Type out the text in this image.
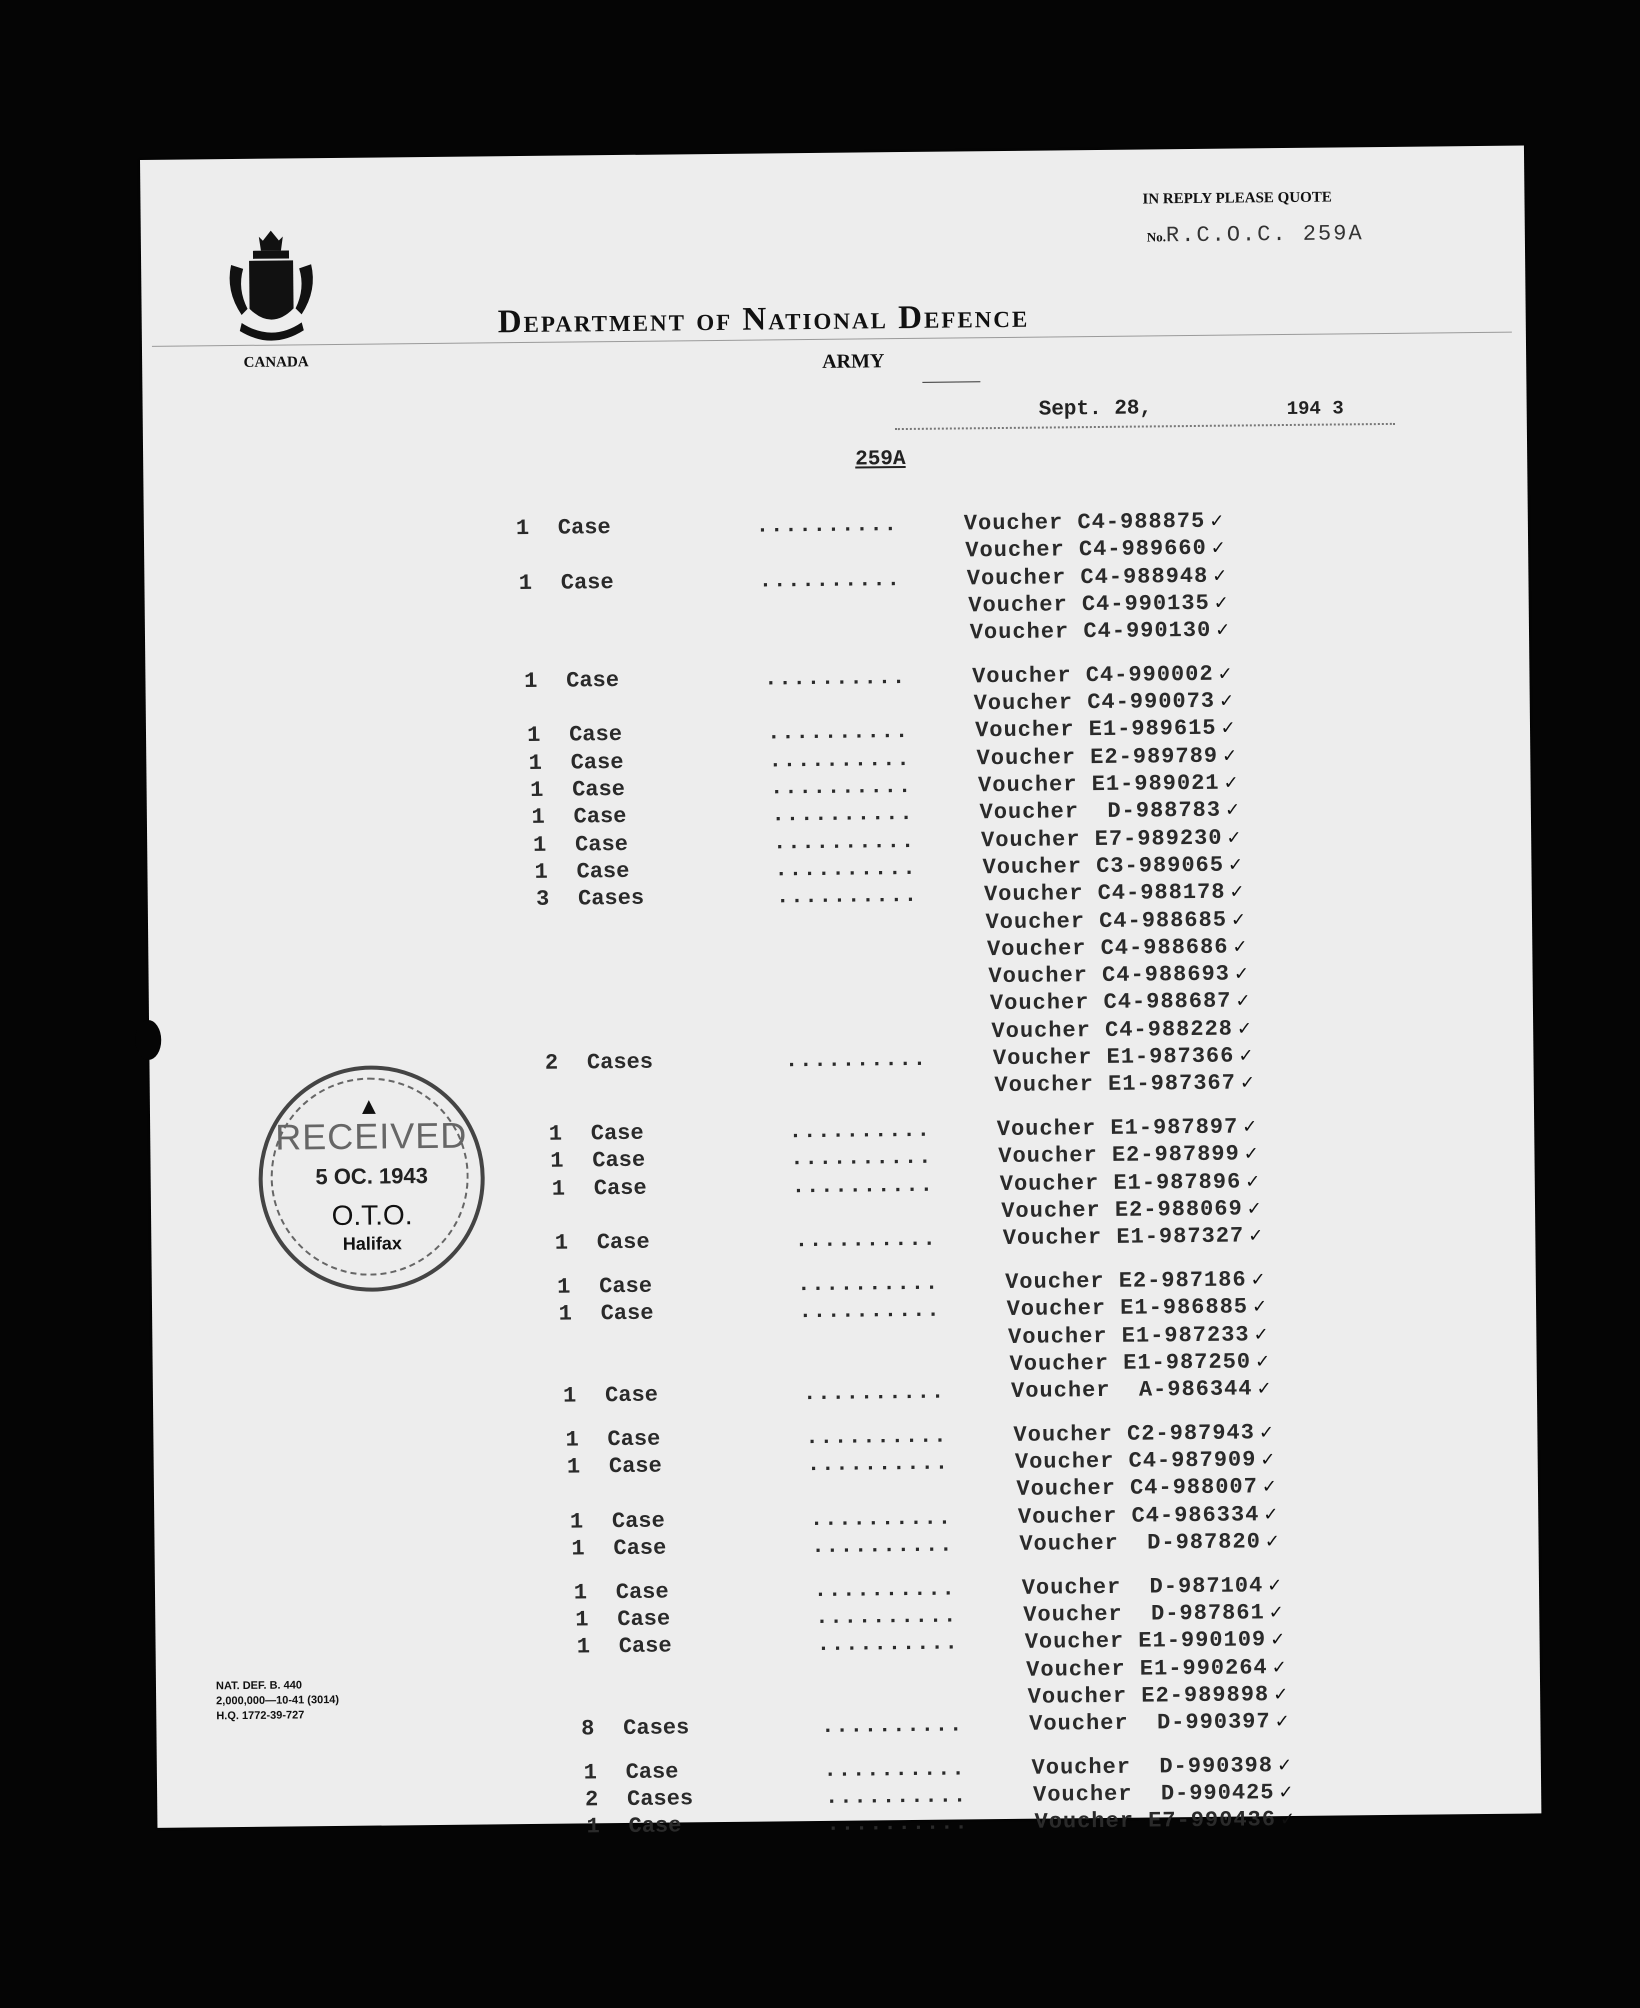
CANADA
IN REPLY PLEASE QUOTE
No.R.C.O.C. 259A
Department of National Defence
ARMY
Sept. 28,	194 3
259A
1	Case	..........	Voucher C4-988875 ✓
Voucher C4-989660 ✓
1	Case	..........	Voucher C4-988948 ✓
Voucher C4-990135 ✓
Voucher C4-990130 ✓
1	Case	..........	Voucher C4-990002 ✓
Voucher C4-990073 ✓
1	Case	..........	Voucher E1-989615 ✓
1	Case	..........	Voucher E2-989789 ✓
1	Case	..........	Voucher E1-989021 ✓
1	Case	..........	Voucher  D-988783 ✓
1	Case	..........	Voucher E7-989230 ✓
1	Case	..........	Voucher C3-989065 ✓
3	Cases	..........	Voucher C4-988178 ✓
Voucher C4-988685 ✓
Voucher C4-988686 ✓
Voucher C4-988693 ✓
Voucher C4-988687 ✓
Voucher C4-988228 ✓
2	Cases	..........	Voucher E1-987366 ✓
Voucher E1-987367 ✓
1	Case	..........	Voucher E1-987897 ✓
1	Case	..........	Voucher E2-987899 ✓
1	Case	..........	Voucher E1-987896 ✓
Voucher E2-988069 ✓
1	Case	..........	Voucher E1-987327 ✓
1	Case	..........	Voucher E2-987186 ✓
1	Case	..........	Voucher E1-986885 ✓
Voucher E1-987233 ✓
Voucher E1-987250 ✓
1	Case	..........	Voucher  A-986344 ✓
1	Case	..........	Voucher C2-987943 ✓
1	Case	..........	Voucher C4-987909 ✓
Voucher C4-988007 ✓
1	Case	..........	Voucher C4-986334 ✓
1	Case	..........	Voucher  D-987820 ✓
1	Case	..........	Voucher  D-987104 ✓
1	Case	..........	Voucher  D-987861 ✓
1	Case	..........	Voucher E1-990109 ✓
Voucher E1-990264 ✓
Voucher E2-989898 ✓
8	Cases	..........	Voucher  D-990397 ✓
1	Case	..........	Voucher  D-990398 ✓
2	Cases	..........	Voucher  D-990425 ✓
1	Case	..........	Voucher E7-990436 ✓
▲
RECEIVED
5 OC. 1943
O.T.O.
Halifax
NAT. DEF. B. 440
2,000,000—10-41 (3014)
H.Q. 1772-39-727
